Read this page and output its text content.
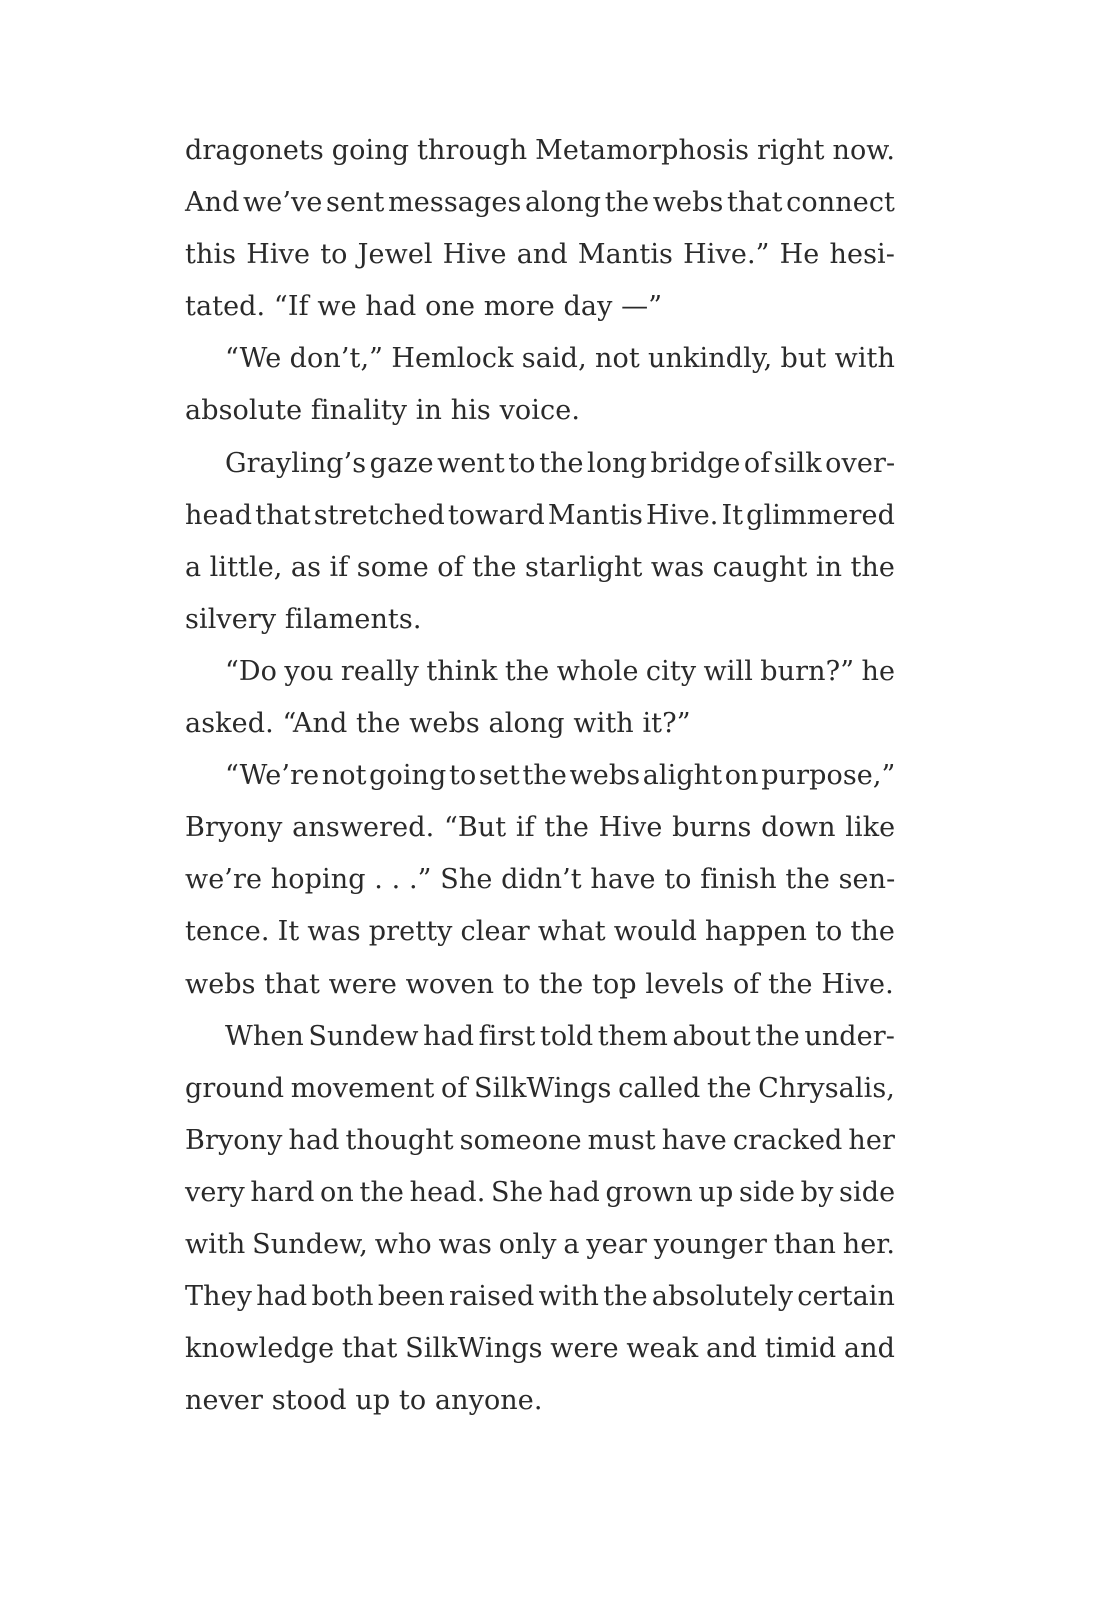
dragonets going through Metamorphosis right now.
And we’ve sent messages along the webs that connect
this Hive to Jewel Hive and Mantis Hive.” He hesi-
tated. “If we had one more day —”
“We don’t,” Hemlock said, not unkindly, but with
absolute finality in his voice.
Grayling’s gaze went to the long bridge of silk over-
head that stretched toward Mantis Hive. It glimmered
a little, as if some of the starlight was caught in the
silvery filaments.
“Do you really think the whole city will burn?” he
asked. “And the webs along with it?”
“We’re not going to set the webs alight on purpose,”
Bryony answered. “But if the Hive burns down like
we’re hoping . . .” She didn’t have to finish the sen-
tence. It was pretty clear what would happen to the
webs that were woven to the top levels of the Hive.
When Sundew had first told them about the under-
ground movement of SilkWings called the Chrysalis,
Bryony had thought someone must have cracked her
very hard on the head. She had grown up side by side
with Sundew, who was only a year younger than her.
They had both been raised with the absolutely certain
knowledge that SilkWings were weak and timid and
never stood up to anyone.
